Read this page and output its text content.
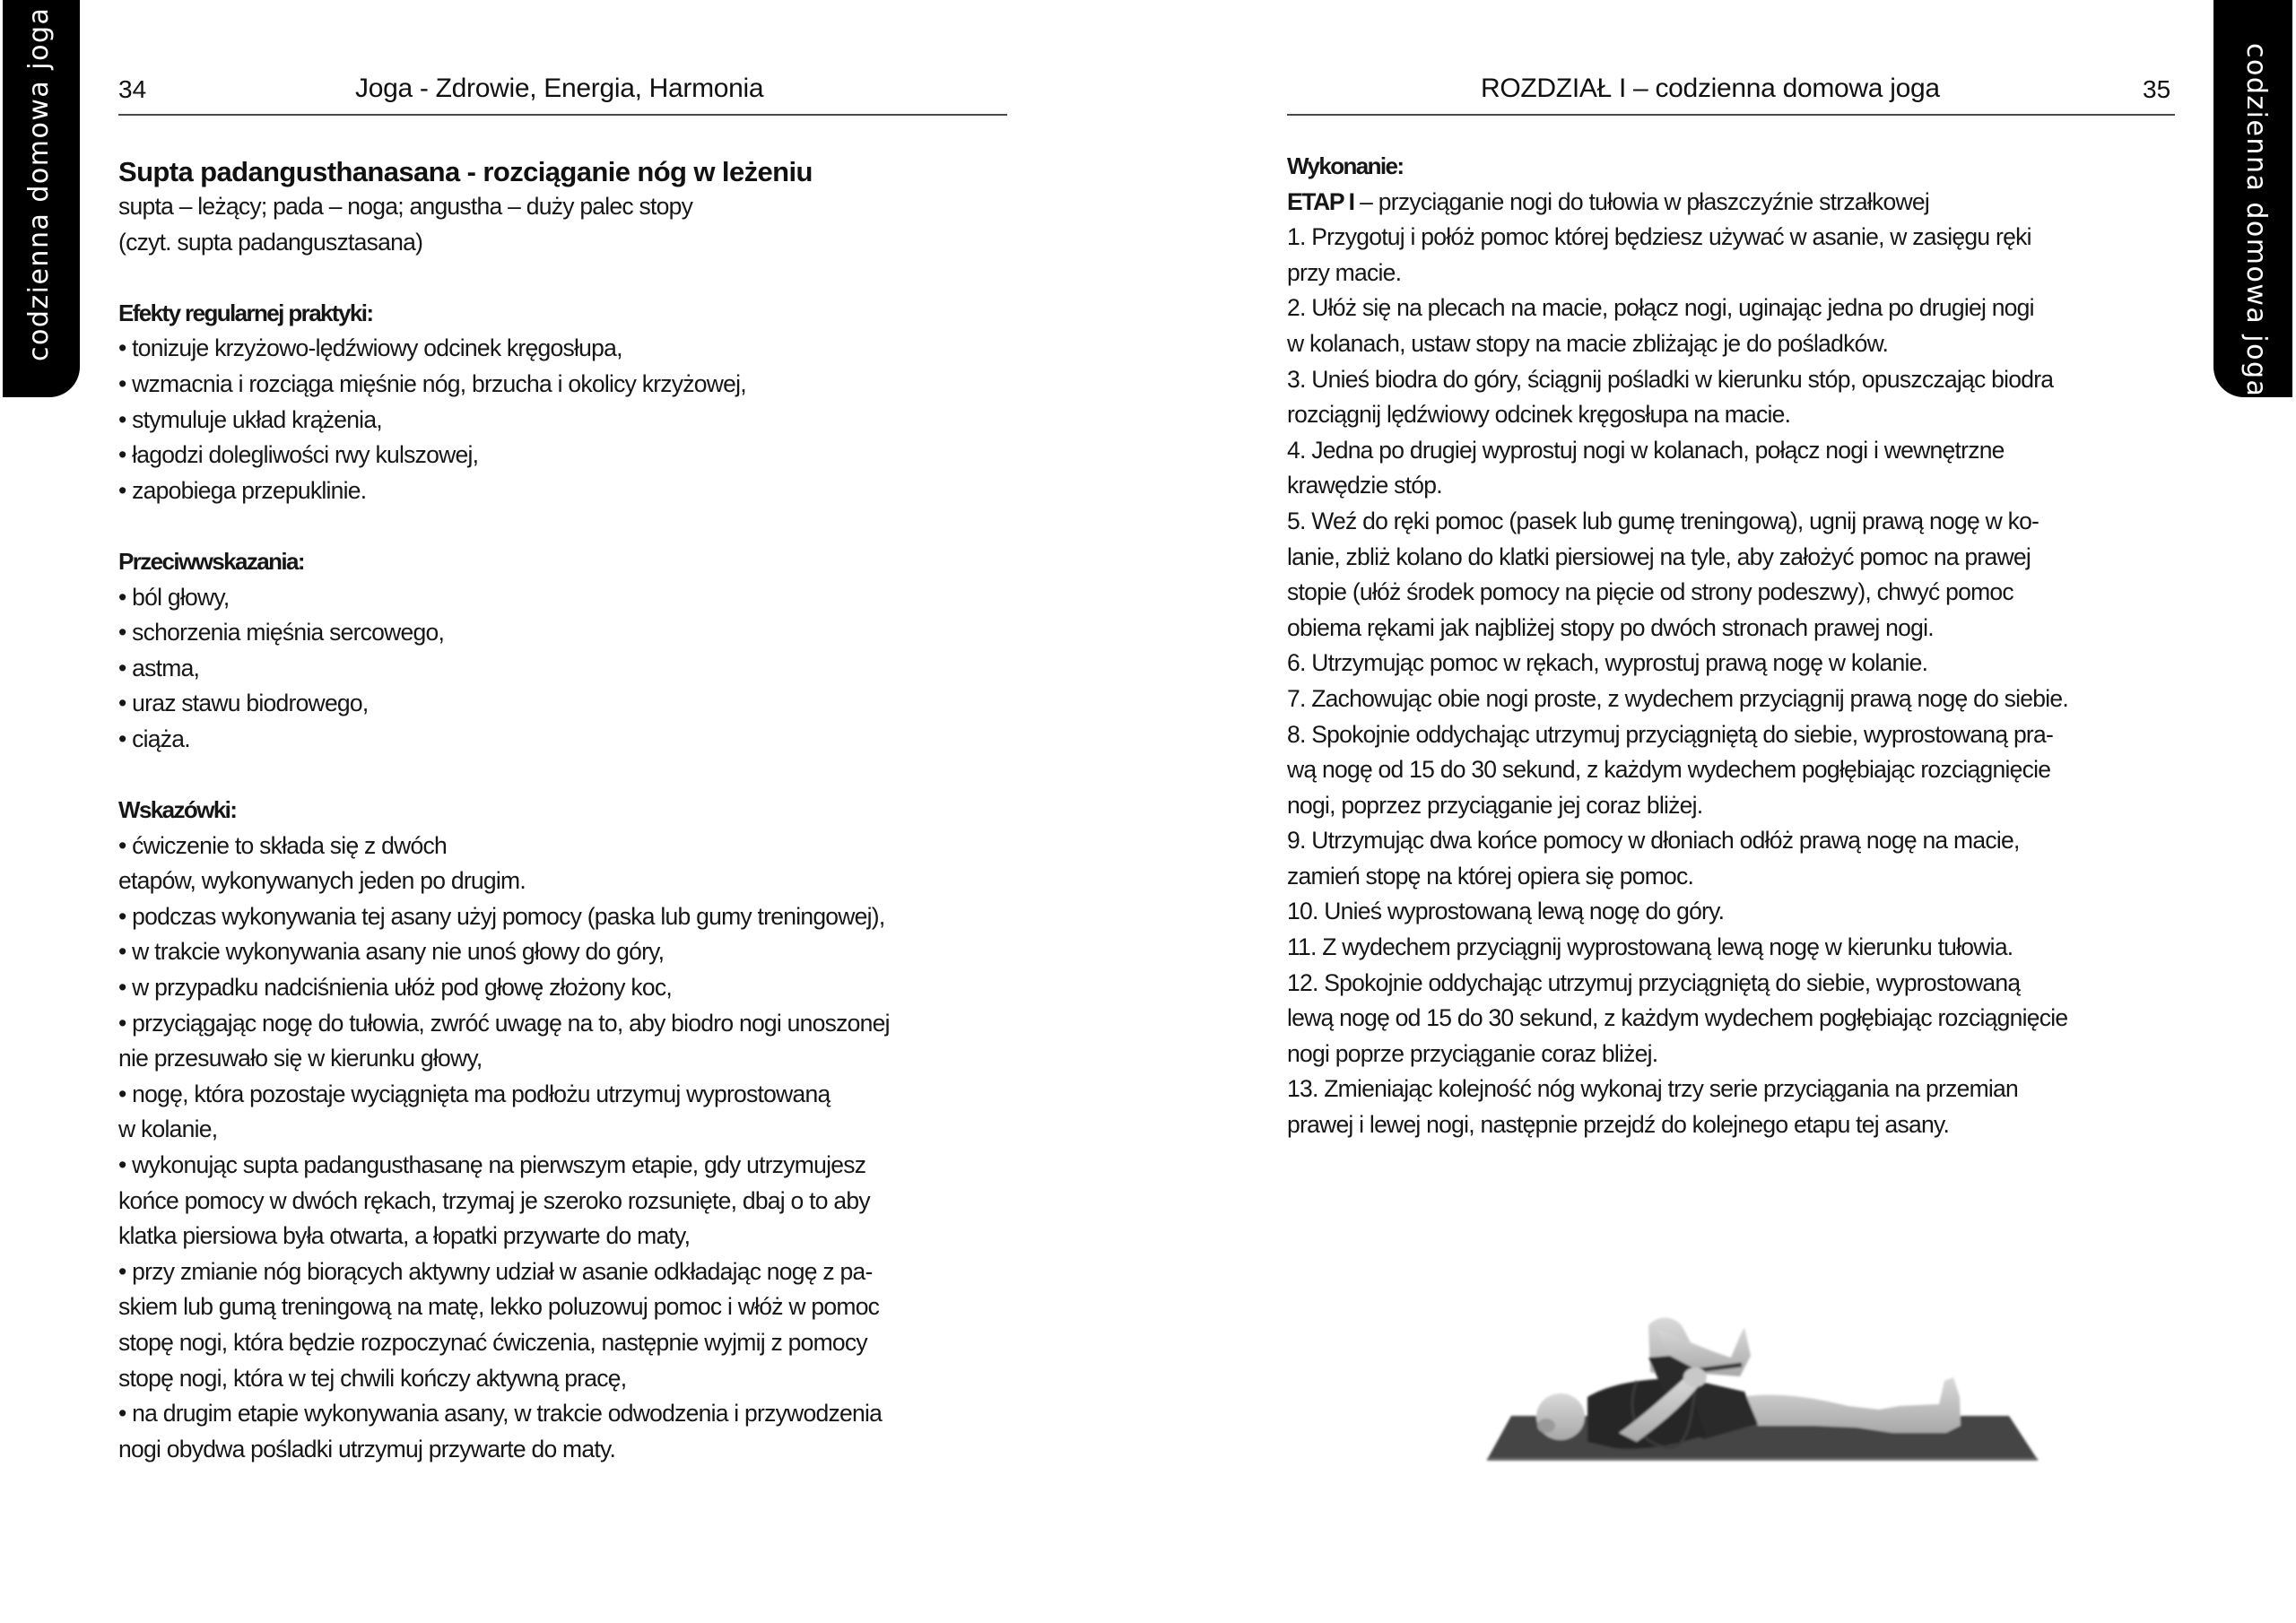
codzienna domowa joga	codzienna domowa joga
34	Joga - Zdrowie, Energia, Harmonia
Supta padangusthanasana - rozciąganie nóg w leżeniu
supta – leżący; pada – noga; angustha – duży palec stopy
(czyt. supta padangusztasana)
Efekty regularnej praktyki:
• tonizuje krzyżowo-lędźwiowy odcinek kręgosłupa,
• wzmacnia i rozciąga mięśnie nóg, brzucha i okolicy krzyżowej,
• stymuluje układ krążenia,
• łagodzi dolegliwości rwy kulszowej,
• zapobiega przepuklinie.
Przeciwwskazania:
• ból głowy,
• schorzenia mięśnia sercowego,
• astma,
• uraz stawu biodrowego,
• ciąża.
Wskazówki:
• ćwiczenie to składa się z dwóch
etapów, wykonywanych jeden po drugim.
• podczas wykonywania tej asany użyj pomocy (paska lub gumy treningowej),
• w trakcie wykonywania asany nie unoś głowy do góry,
• w przypadku nadciśnienia ułóż pod głowę złożony koc,
• przyciągając nogę do tułowia, zwróć uwagę na to, aby biodro nogi unoszonej
nie przesuwało się w kierunku głowy,
• nogę, która pozostaje wyciągnięta ma podłożu utrzymuj wyprostowaną
w kolanie,
• wykonując supta padangusthasanę na pierwszym etapie, gdy utrzymujesz
końce pomocy w dwóch rękach, trzymaj je szeroko rozsunięte, dbaj o to aby
klatka piersiowa była otwarta, a łopatki przywarte do maty,
• przy zmianie nóg biorących aktywny udział w asanie odkładając nogę z pa-
skiem lub gumą treningową na matę, lekko poluzowuj pomoc i włóż w pomoc
stopę nogi, która będzie rozpoczynać ćwiczenia, następnie wyjmij z pomocy
stopę nogi, która w tej chwili kończy aktywną pracę,
• na drugim etapie wykonywania asany, w trakcie odwodzenia i przywodzenia
nogi obydwa pośladki utrzymuj przywarte do maty.
ROZDZIAŁ I – codzienna domowa joga	35
Wykonanie:
ETAP I – przyciąganie nogi do tułowia w płaszczyźnie strzałkowej
1. Przygotuj i połóż pomoc której będziesz używać w asanie, w zasięgu ręki
przy macie.
2. Ułóż się na plecach na macie, połącz nogi, uginając jedna po drugiej nogi
w kolanach, ustaw stopy na macie zbliżając je do pośladków.
3. Unieś biodra do góry, ściągnij pośladki w kierunku stóp, opuszczając biodra
rozciągnij lędźwiowy odcinek kręgosłupa na macie.
4. Jedna po drugiej wyprostuj nogi w kolanach, połącz nogi i wewnętrzne
krawędzie stóp.
5. Weź do ręki pomoc (pasek lub gumę treningową), ugnij prawą nogę w ko-
lanie, zbliż kolano do klatki piersiowej na tyle, aby założyć pomoc na prawej
stopie (ułóż środek pomocy na pięcie od strony podeszwy), chwyć pomoc
obiema rękami jak najbliżej stopy po dwóch stronach prawej nogi.
6. Utrzymując pomoc w rękach, wyprostuj prawą nogę w kolanie.
7. Zachowując obie nogi proste, z wydechem przyciągnij prawą nogę do siebie.
8. Spokojnie oddychając utrzymuj przyciągniętą do siebie, wyprostowaną pra-
wą nogę od 15 do 30 sekund, z każdym wydechem pogłębiając rozciągnięcie
nogi, poprzez przyciąganie jej coraz bliżej.
9. Utrzymując dwa końce pomocy w dłoniach odłóż prawą nogę na macie,
zamień stopę na której opiera się pomoc.
10. Unieś wyprostowaną lewą nogę do góry.
11. Z wydechem przyciągnij wyprostowaną lewą nogę w kierunku tułowia.
12. Spokojnie oddychając utrzymuj przyciągniętą do siebie, wyprostowaną
lewą nogę od 15 do 30 sekund, z każdym wydechem pogłębiając rozciągnięcie
nogi poprze przyciąganie coraz bliżej.
13. Zmieniając kolejność nóg wykonaj trzy serie przyciągania na przemian
prawej i lewej nogi, następnie przejdź do kolejnego etapu tej asany.
